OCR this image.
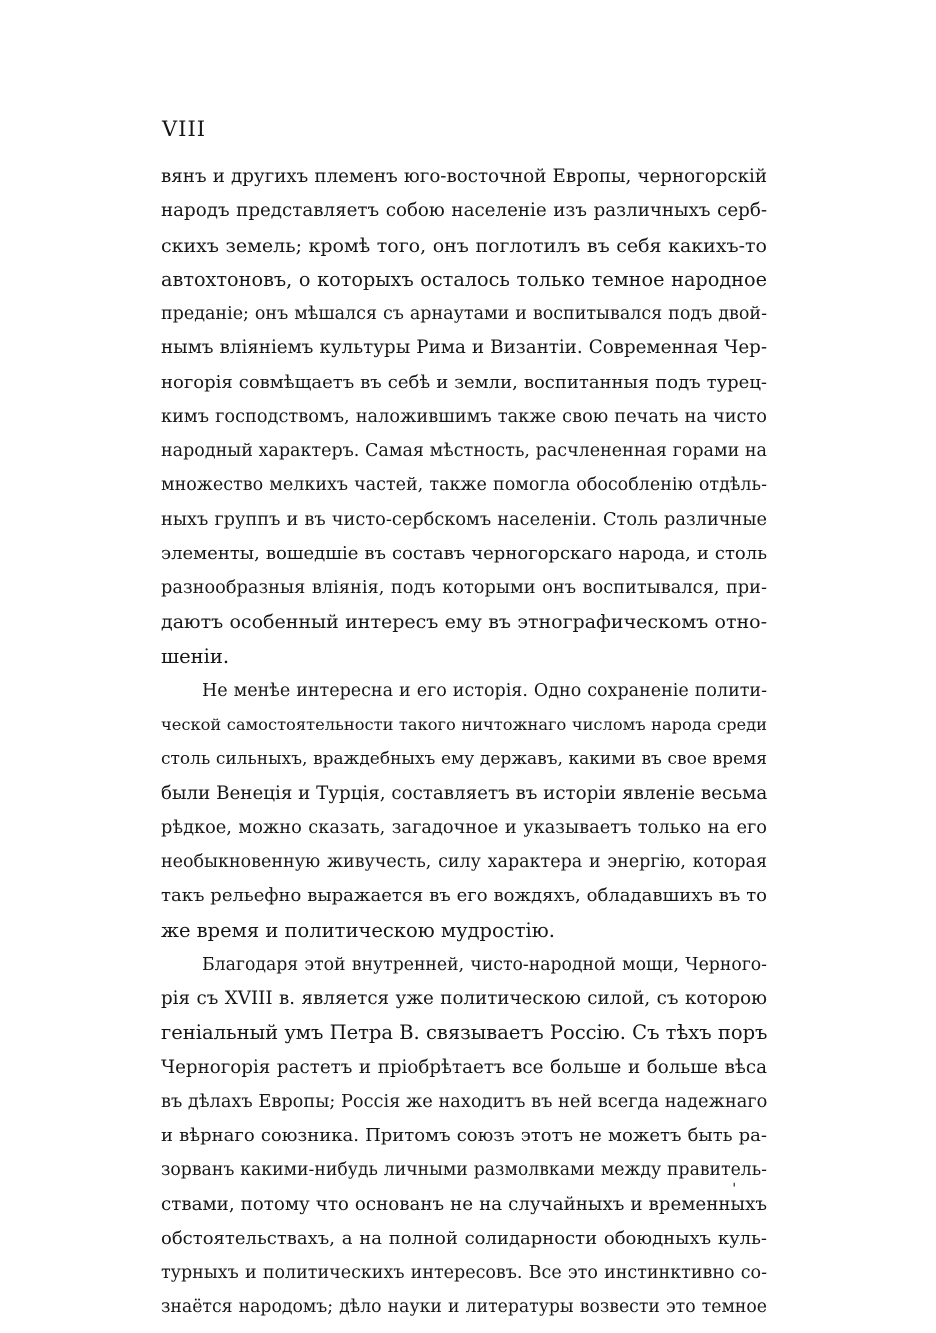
VIII
вянъ и другихъ племенъ юго-восточной Европы, черногорскій
народъ представляетъ собою населеніе изъ различныхъ серб-
скихъ земель; кромѣ того, онъ поглотилъ въ себя какихъ-то
автохтоновъ, о которыхъ осталось только темное народное
преданіе; онъ мѣшался съ арнаутами и воспитывался подъ двой-
нымъ вліяніемъ культуры Рима и Византіи. Современная Чер-
ногорія совмѣщаетъ въ себѣ и земли, воспитанныя подъ турец-
кимъ господствомъ, наложившимъ также свою печать на чисто
народный характеръ. Самая мѣстность, расчлененная горами на
множество мелкихъ частей, также помогла обособленію отдѣль-
ныхъ группъ и въ чисто-сербскомъ населеніи. Столь различные
элементы, вошедшіе въ составъ черногорскаго народа, и столь
разнообразныя вліянія, подъ которыми онъ воспитывался, при-
даютъ особенный интересъ ему въ этнографическомъ отно-
шеніи.
Не менѣе интересна и его исторія. Одно сохраненіе полити-
ческой самостоятельности такого ничтожнаго числомъ народа среди
столь сильныхъ, враждебныхъ ему державъ, какими въ свое время
были Венеція и Турція, составляетъ въ исторіи явленіе весьма
рѣдкое, можно сказать, загадочное и указываетъ только на его
необыкновенную живучесть, силу характера и энергію, которая
такъ рельефно выражается въ его вождяхъ, обладавшихъ въ то
же время и политическою мудростію.
Благодаря этой внутренней, чисто-народной мощи, Черного-
рія съ XVIII в. является уже политическою силой, съ которою
геніальный умъ Петра В. связываетъ Россію. Съ тѣхъ поръ
Черногорія растетъ и пріобрѣтаетъ все больше и больше вѣса
въ дѣлахъ Европы; Россія же находитъ въ ней всегда надежнаго
и вѣрнаго союзника. Притомъ союзъ этотъ не можетъ быть ра-
зорванъ какими-нибудь личными размолвками между правитель-
ствами, потому что основанъ не на случайныхъ и временныхъ
обстоятельствахъ, а на полной солидарности обоюдныхъ куль-
турныхъ и политическихъ интересовъ. Все это инстинктивно со-
знаётся народомъ; дѣло науки и литературы возвести это темное
ˈ
